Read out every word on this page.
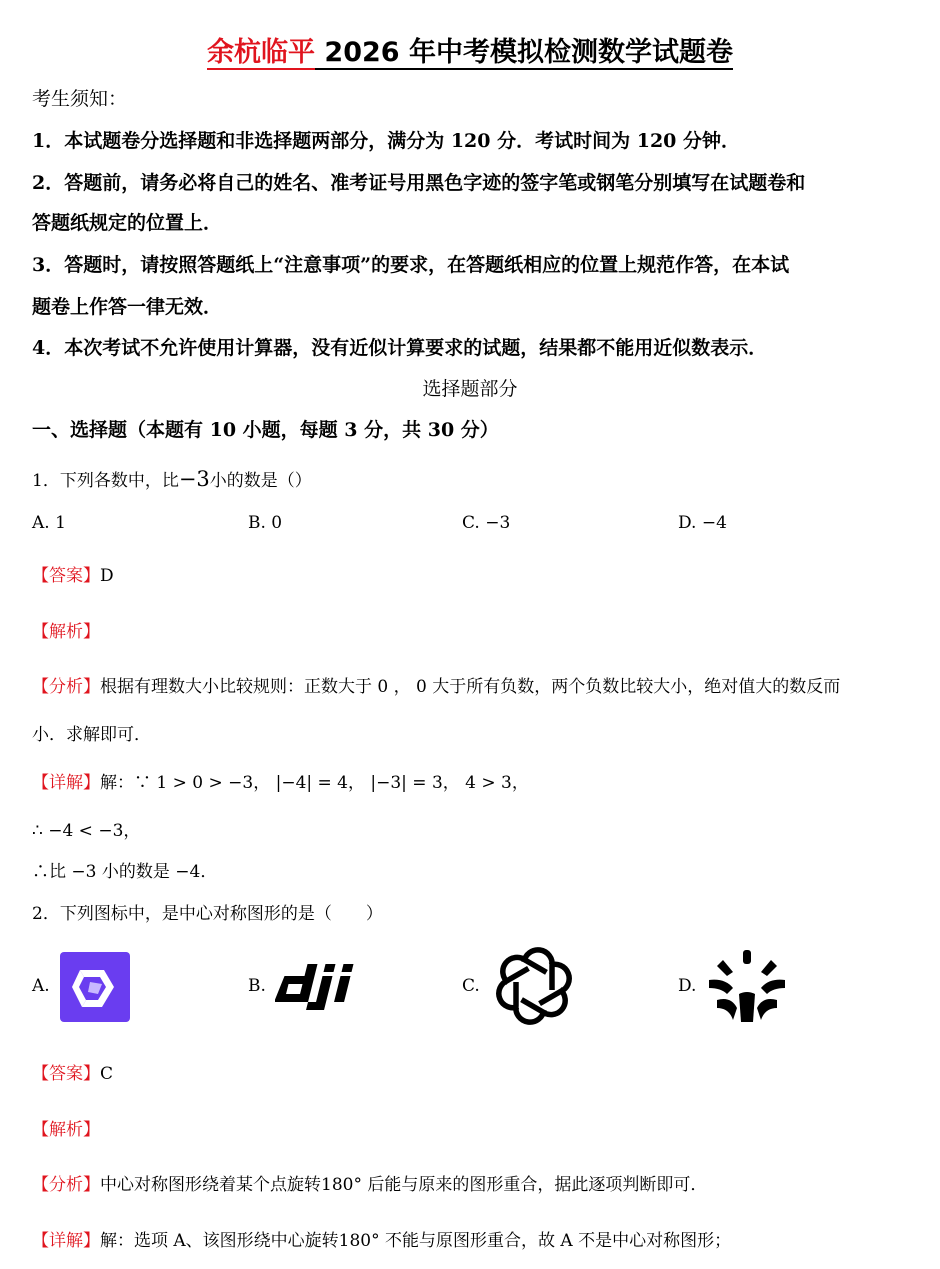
余杭临平 2026 年中考模拟检测数学试题卷
考生须知：
1．本试题卷分选择题和非选择题两部分，满分为 120 分．考试时间为 120 分钟．
2．答题前，请务必将自己的姓名、准考证号用黑色字迹的签字笔或钢笔分别填写在试题卷和
答题纸规定的位置上．
3．答题时，请按照答题纸上“注意事项”的要求，在答题纸相应的位置上规范作答，在本试
题卷上作答一律无效．
4．本次考试不允许使用计算器，没有近似计算要求的试题，结果都不能用近似数表示．
选择题部分
一、选择题（本题有 10 小题，每题 3 分，共 30 分）
1．下列各数中，比−3小的数是（）
A. 1	B. 0	C. −3	D. −4
【答案】D
【解析】
【分析】根据有理数大小比较规则：正数大于 0 ， 0 大于所有负数，两个负数比较大小，绝对值大的数反而
小．求解即可．
【详解】解：∵ 1 > 0 > −3， |−4| = 4， |−3| = 3， 4 > 3，
∴ −4 < −3，
∴比 −3 小的数是 −4．
2．下列图标中，是中心对称图形的是（　　）
A.	B.	C.	D.
【答案】C
【解析】
【分析】中心对称图形绕着某个点旋转180° 后能与原来的图形重合，据此逐项判断即可．
【详解】解：选项 A、该图形绕中心旋转180° 不能与原图形重合，故 A 不是中心对称图形；
